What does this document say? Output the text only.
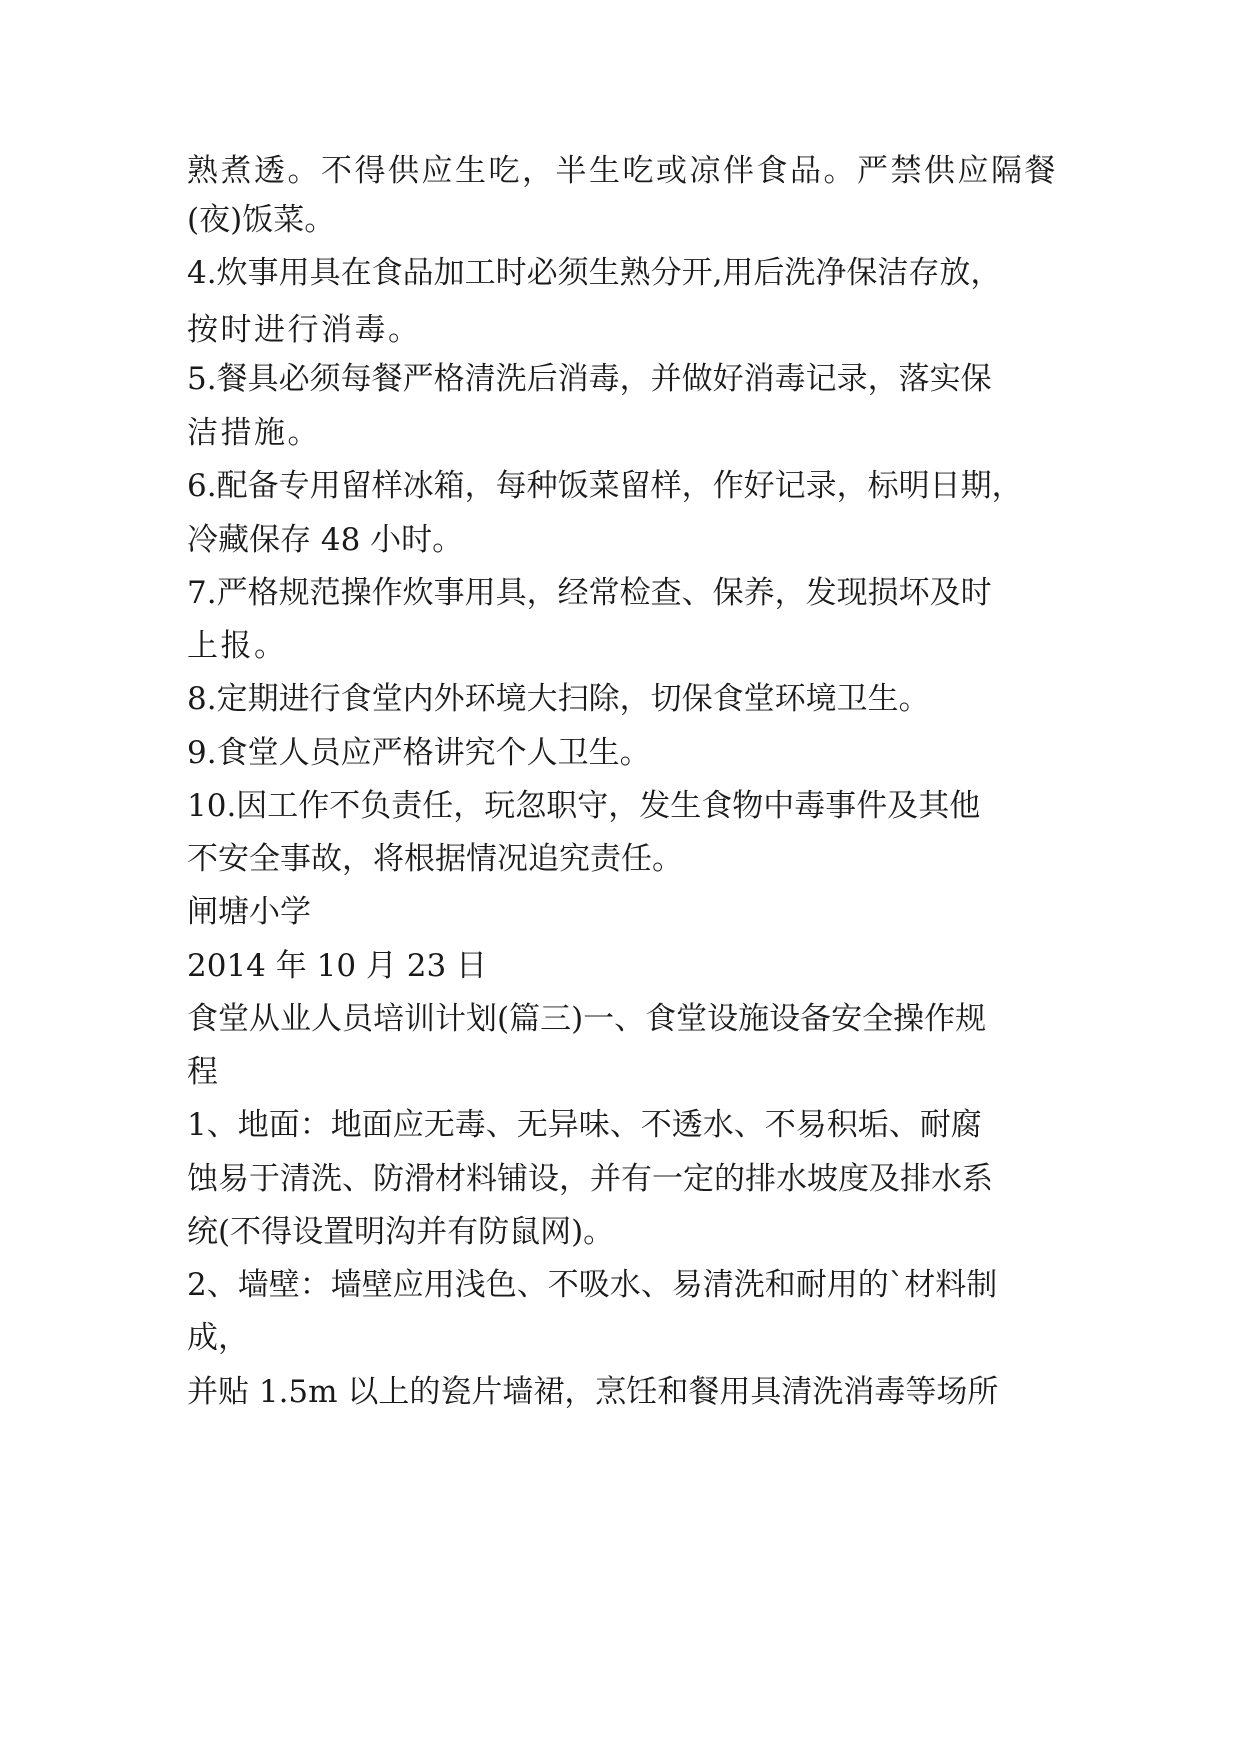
熟煮透。不得供应生吃，半生吃或凉伴食品。严禁供应隔餐
(夜)饭菜。
4.炊事用具在食品加工时必须生熟分开,用后洗净保洁存放，
按时进行消毒。
5.餐具必须每餐严格清洗后消毒，并做好消毒记录，落实保
洁措施。
6.配备专用留样冰箱，每种饭菜留样，作好记录，标明日期，
冷藏保存 48 小时。
7.严格规范操作炊事用具，经常检查、保养，发现损坏及时
上报。
8.定期进行食堂内外环境大扫除，切保食堂环境卫生。
9.食堂人员应严格讲究个人卫生。
10.因工作不负责任，玩忽职守，发生食物中毒事件及其他
不安全事故，将根据情况追究责任。
闸塘小学
2014 年 10 月 23 日
食堂从业人员培训计划(篇三)一、食堂设施设备安全操作规
程
1、地面：地面应无毒、无异味、不透水、不易积垢、耐腐
蚀易于清洗、防滑材料铺设，并有一定的排水坡度及排水系
统(不得设置明沟并有防鼠网)。
2、墙壁：墙壁应用浅色、不吸水、易清洗和耐用的`材料制
成，
并贴 1.5m 以上的瓷片墙裙，烹饪和餐用具清洗消毒等场所
